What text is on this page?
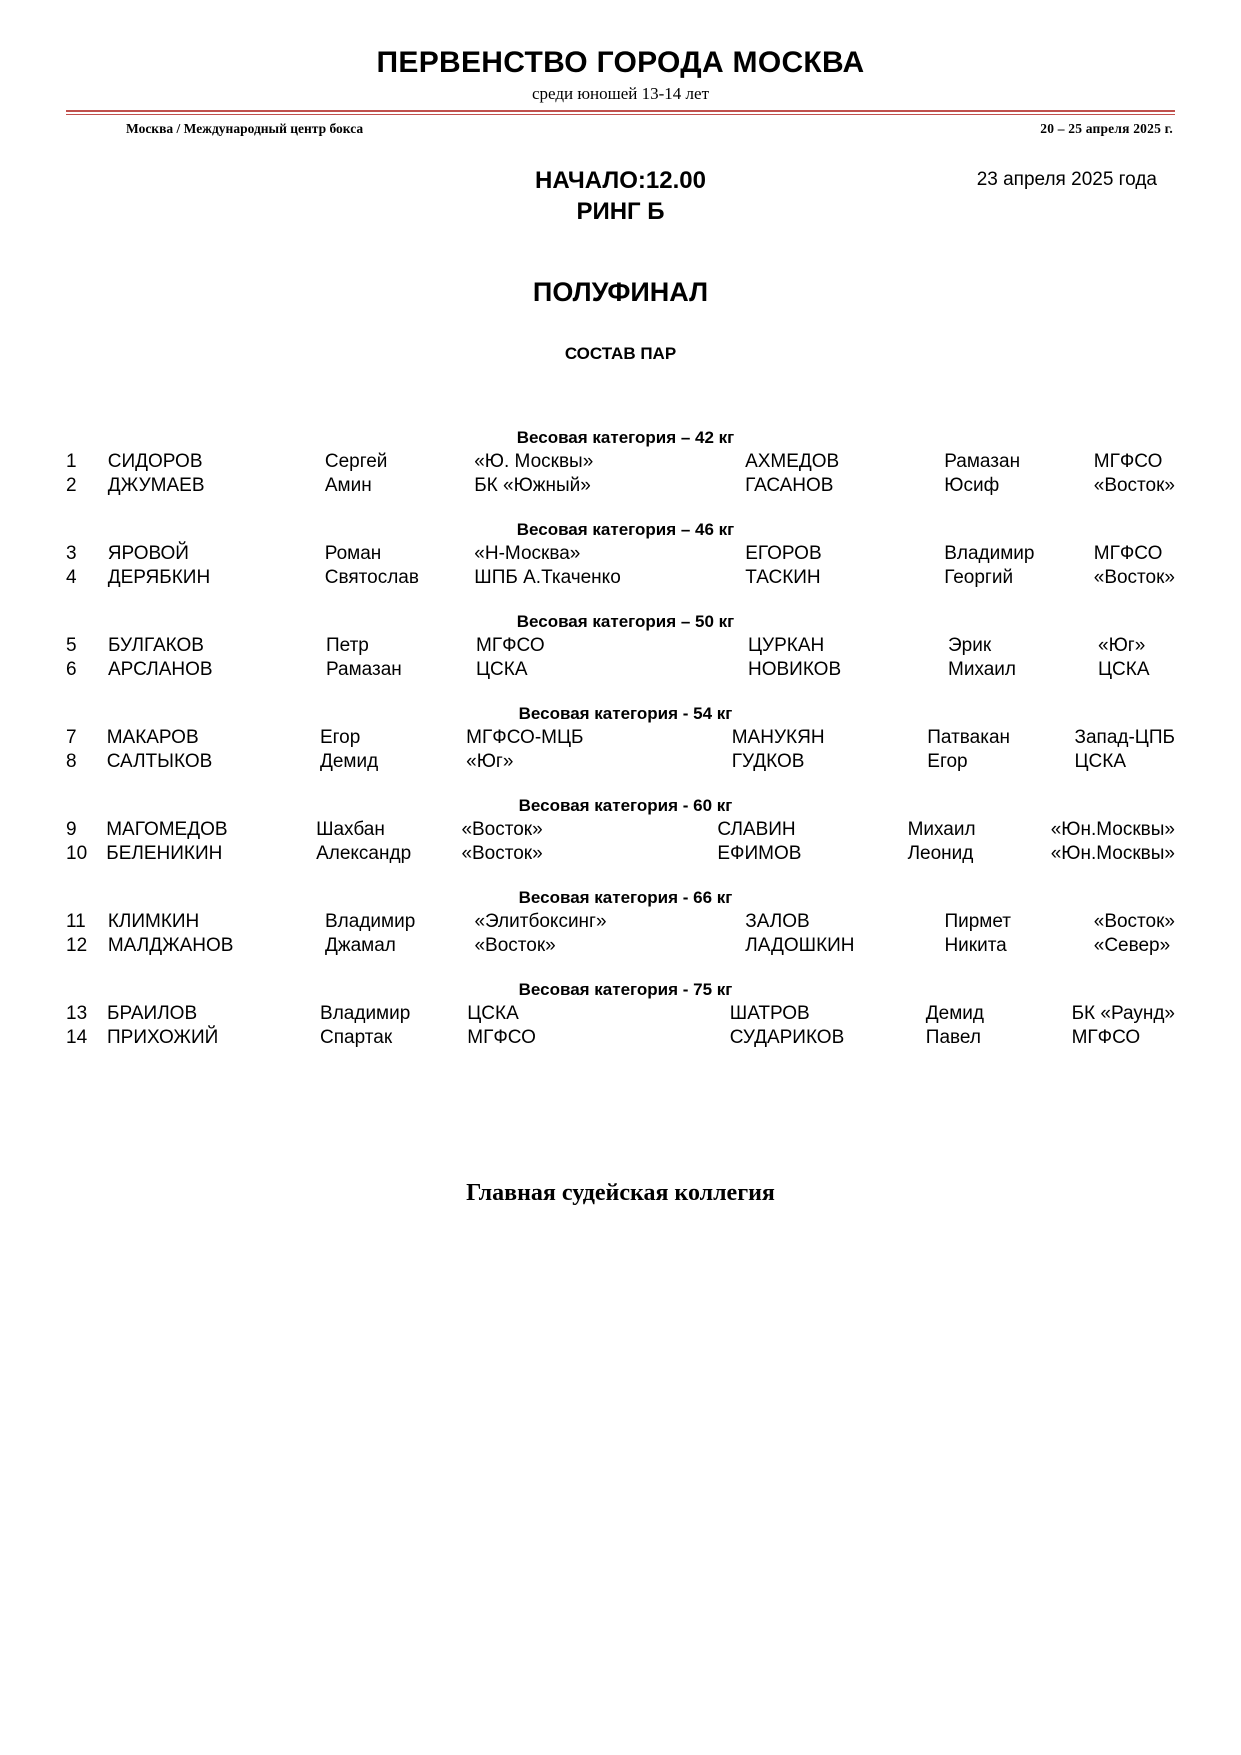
ПЕРВЕНСТВО ГОРОДА МОСКВА
среди юношей 13-14 лет
Москва / Международный центр бокса	20 – 25 апреля 2025 г.
НАЧАЛО:12.00
РИНГ Б
23 апреля 2025 года
ПОЛУФИНАЛ
СОСТАВ ПАР
Весовая категория – 42 кг
1	СИДОРОВ	Сергей	«Ю. Москвы»	АХМЕДОВ	Рамазан	МГФСО
2	ДЖУМАЕВ	Амин	БК «Южный»	ГАСАНОВ	Юсиф	«Восток»
Весовая категория – 46 кг
3	ЯРОВОЙ	Роман	«Н-Москва»	ЕГОРОВ	Владимир	МГФСО
4	ДЕРЯБКИН	Святослав	ШПБ А.Ткаченко	ТАСКИН	Георгий	«Восток»
Весовая категория – 50 кг
5	БУЛГАКОВ	Петр	МГФСО	ЦУРКАН	Эрик	«Юг»
6	АРСЛАНОВ	Рамазан	ЦСКА	НОВИКОВ	Михаил	ЦСКА
Весовая категория - 54 кг
7	МАКАРОВ	Егор	МГФСО-МЦБ	МАНУКЯН	Патвакан	Запад-ЦПБ
8	САЛТЫКОВ	Демид	«Юг»	ГУДКОВ	Егор	ЦСКА
Весовая категория - 60 кг
9	МАГОМЕДОВ	Шахбан	«Восток»	СЛАВИН	Михаил	«Юн.Москвы»
10	БЕЛЕНИКИН	Александр	«Восток»	ЕФИМОВ	Леонид	«Юн.Москвы»
Весовая категория - 66 кг
11	КЛИМКИН	Владимир	«Элитбоксинг»	ЗАЛОВ	Пирмет	«Восток»
12	МАЛДЖАНОВ	Джамал	«Восток»	ЛАДОШКИН	Никита	«Север»
Весовая категория - 75 кг
13	БРАИЛОВ	Владимир	ЦСКА	ШАТРОВ	Демид	БК «Раунд»
14	ПРИХОЖИЙ	Спартак	МГФСО	СУДАРИКОВ	Павел	МГФСО
Главная судейская коллегия
